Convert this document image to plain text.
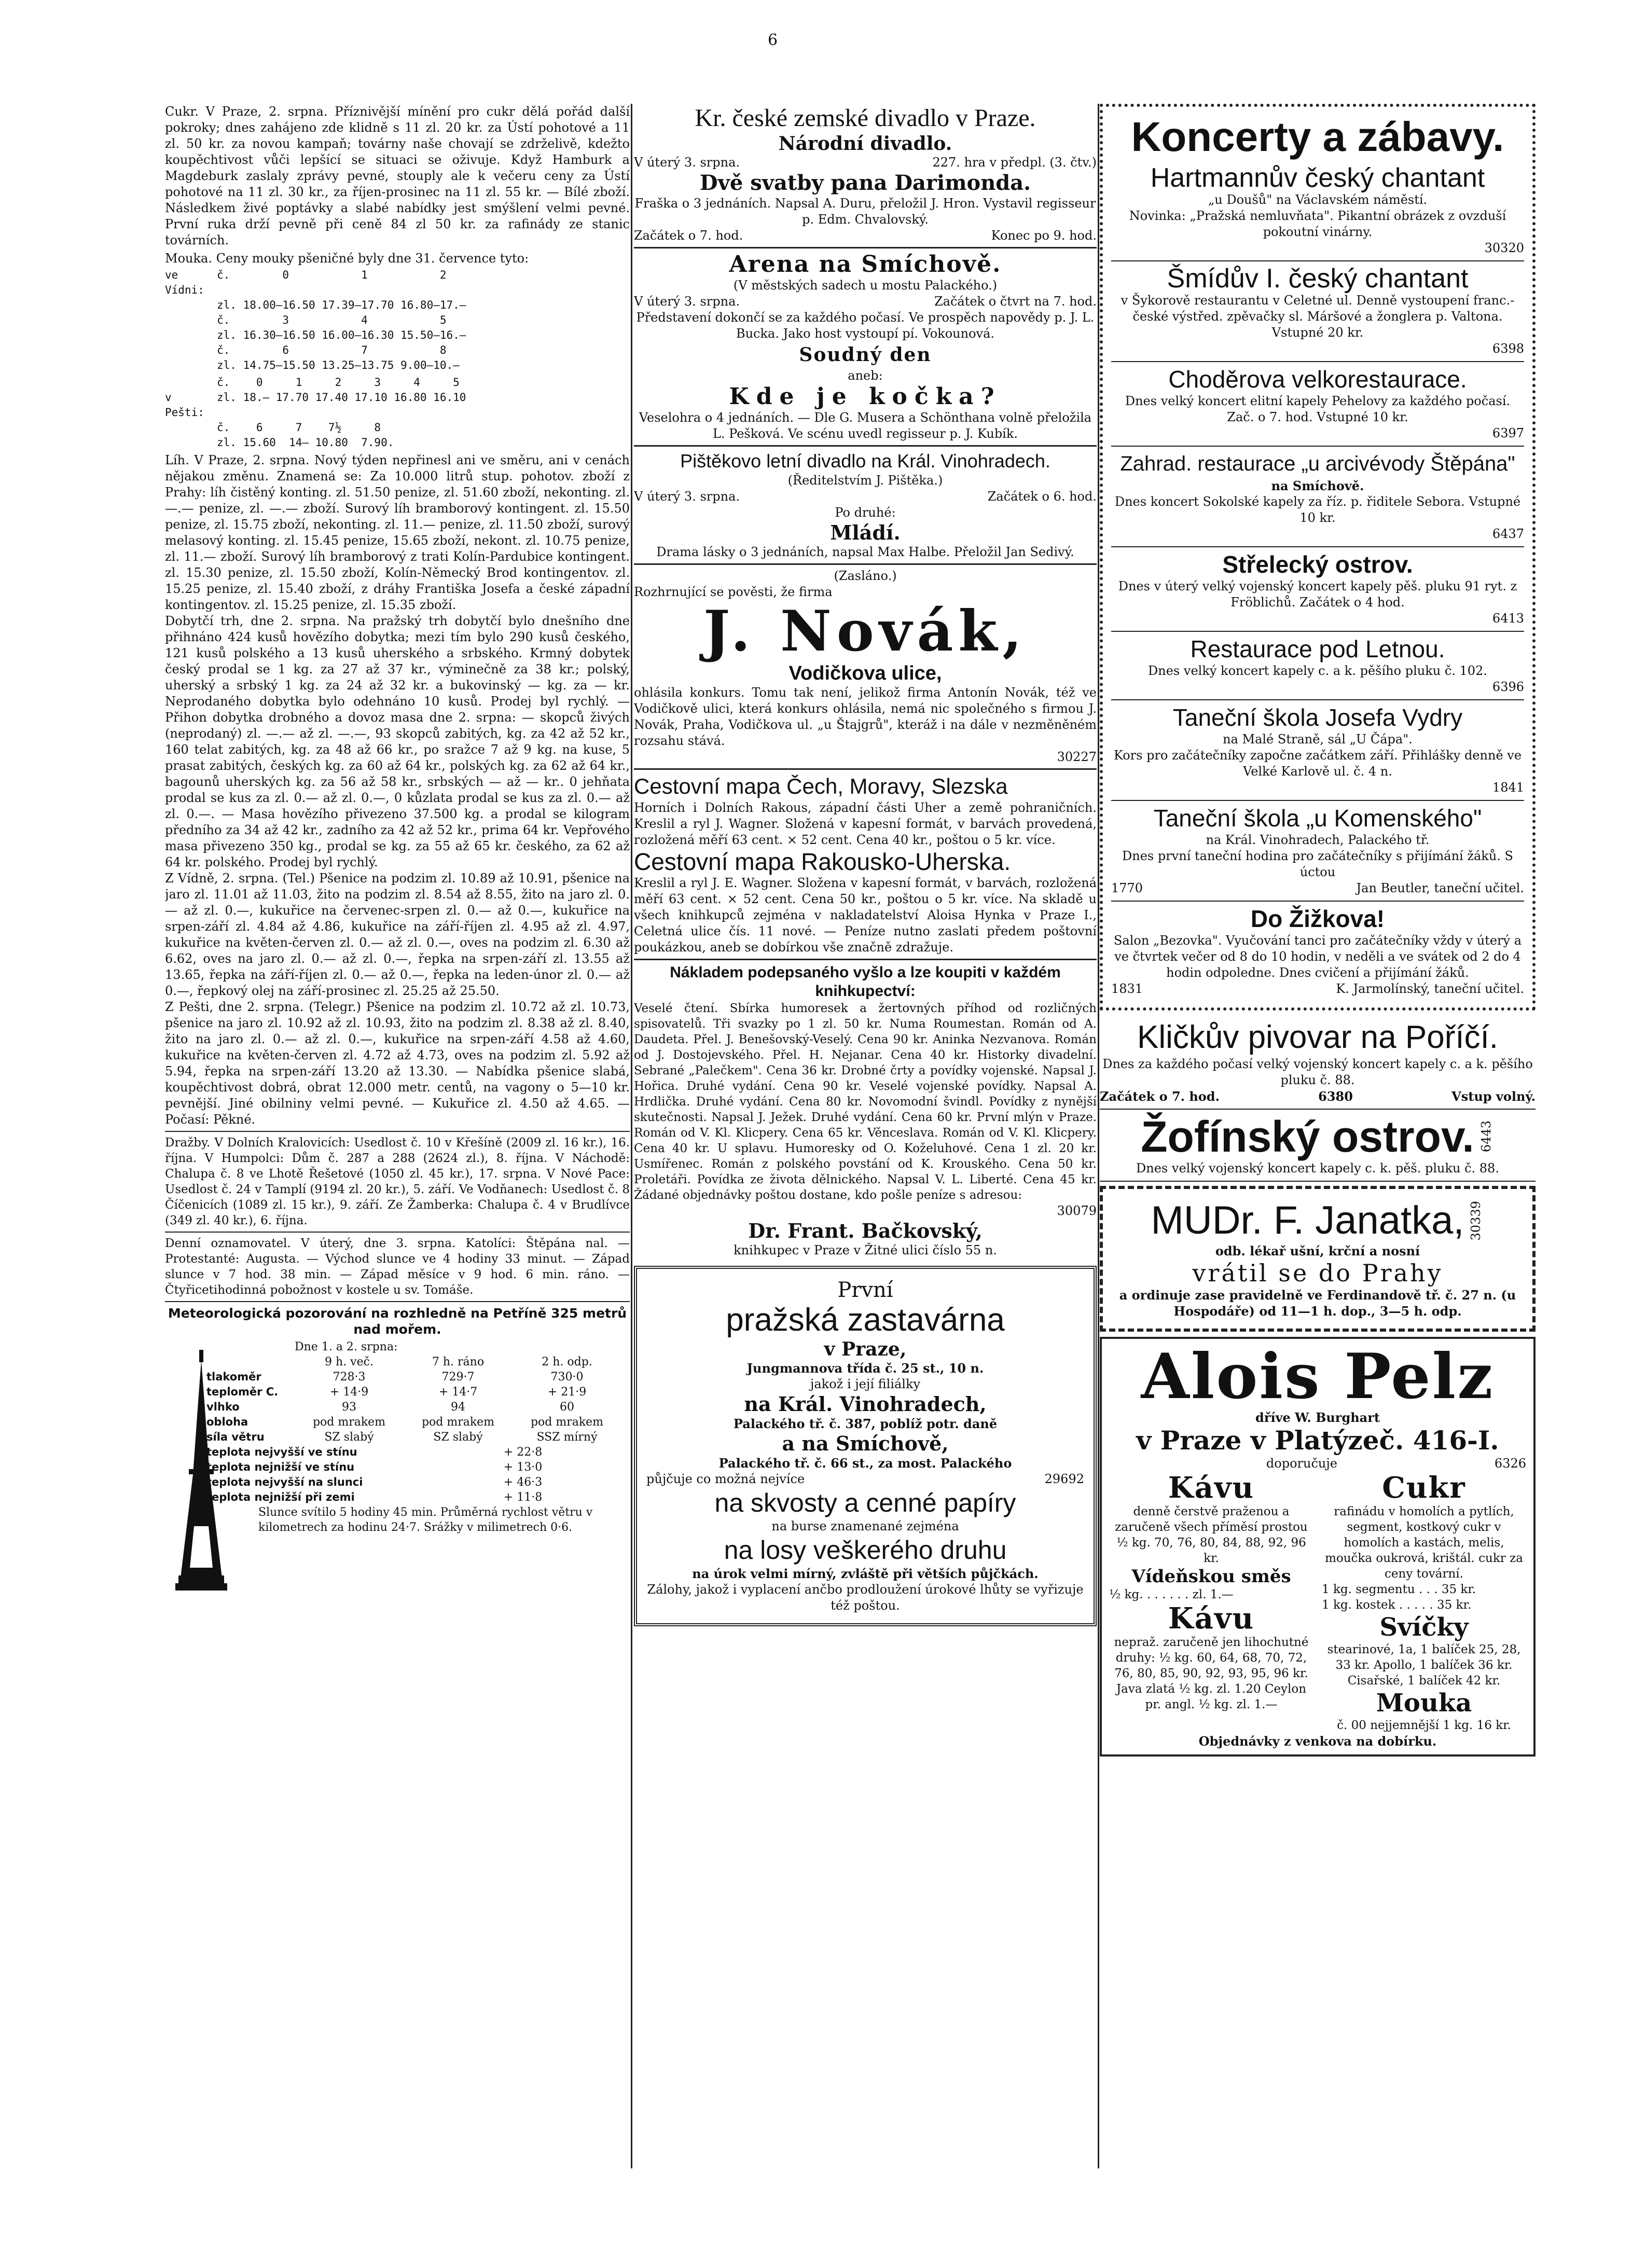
Cukr. V Praze, 2. srpna. Příznivější mínění pro cukr dělá pořád další pokroky; dnes zahájeno zde klidně s 11 zl. 20 kr. za Ústí pohotové a 11 zl. 50 kr. za novou kampaň; továrny naše chovají se zdrželivě, kdežto koupěchtivost vůči lepšící se situaci se oživuje. Když Hamburk a Magdeburk zaslaly zprávy pevné, stouply ale k večeru ceny za Ústí pohotové na 11 zl. 30 kr., za říjen-prosinec na 11 zl. 55 kr. — Bílé zboží. Následkem živé poptávky a slabé nabídky jest smýšlení velmi pevné. První ruka drží pevně při ceně 84 zl 50 kr. za rafinády ze stanic továrních.

Mouka. Ceny mouky pšeničné byly dne 31. července tyto:

ve Vídni:
č.        0           1           2
zl. 18.00—16.50 17.39—17.70 16.80—17.—
č.        3           4           5
zl. 16.30—16.50 16.00—16.30 15.50—16.—
č.        6           7           8
zl. 14.75—15.50 13.25—13.75 9.00—10.—
č.    0     1     2     3     4     5
v Pešti:
zl. 18.— 17.70 17.40 17.10 16.80 16.10
č.    6     7    7½     8
zl. 15.60  14— 10.80  7.90.

Líh. V Praze, 2. srpna. Nový týden nepřinesl ani ve směru, ani v cenách nějakou změnu. Znamená se: Za 10.000 litrů stup. pohotov. zboží z Prahy: líh čistěný konting. zl. 51.50 penize, zl. 51.60 zboží, nekonting. zl. —.— penize, zl. —.— zboží. Surový líh bramborový kontingent. zl. 15.50 penize, zl. 15.75 zboží, nekonting. zl. 11.— penize, zl. 11.50 zboží, surový melasový konting. zl. 15.45 penize, 15.65 zboží, nekont. zl. 10.75 penize, zl. 11.— zboží. Surový líh bramborový z trati Kolín-Pardubice kontingent. zl. 15.30 penize, zl. 15.50 zboží, Kolín-Německý Brod kontingentov. zl. 15.25 penize, zl. 15.40 zboží, z dráhy Františka Josefa a české západní kontingentov. zl. 15.25 penize, zl. 15.35 zboží.

Dobytčí trh, dne 2. srpna. Na pražský trh dobytčí bylo dnešního dne přihnáno 424 kusů hovězího dobytka; mezi tím bylo 290 kusů českého, 121 kusů polského a 13 kusů uherského a srbského. Krmný dobytek český prodal se 1 kg. za 27 až 37 kr., výminečně za 38 kr.; polský, uherský a srbský 1 kg. za 24 až 32 kr. a bukovinský — kg. za — kr. Neprodaného dobytka bylo odehnáno 10 kusů. Prodej byl rychlý. — Přihon dobytka drobného a dovoz masa dne 2. srpna: — skopců živých (neprodaný) zl. —.— až zl. —.—, 93 skopců zabitých, kg. za 42 až 52 kr., 160 telat zabitých, kg. za 48 až 66 kr., po sražce 7 až 9 kg. na kuse, 5 prasat zabitých, českých kg. za 60 až 64 kr., polských kg. za 62 až 64 kr., bagounů uherských kg. za 56 až 58 kr., srbských — až — kr.. 0 jehňata prodal se kus za zl. 0.— až zl. 0.—, 0 kůzlata prodal se kus za zl. 0.— až zl. 0.—. — Masa hovězího přivezeno 37.500 kg. a prodal se kilogram předního za 34 až 42 kr., zadního za 42 až 52 kr., prima 64 kr. Vepřového masa přivezeno 350 kg., prodal se kg. za 55 až 65 kr. českého, za 62 až 64 kr. polského. Prodej byl rychlý.

Z Vídně, 2. srpna. (Tel.) Pšenice na podzim zl. 10.89 až 10.91, pšenice na jaro zl. 11.01 až 11.03, žito na podzim zl. 8.54 až 8.55, žito na jaro zl. 0.— až zl. 0.—, kukuřice na červenec-srpen zl. 0.— až 0.—, kukuřice na srpen-září zl. 4.84 až 4.86, kukuřice na září-říjen zl. 4.95 až zl. 4.97, kukuřice na květen-červen zl. 0.— až zl. 0.—, oves na podzim zl. 6.30 až 6.62, oves na jaro zl. 0.— až zl. 0.—, řepka na srpen-září zl. 13.55 až 13.65, řepka na září-říjen zl. 0.— až 0.—, řepka na leden-únor zl. 0.— až 0.—, řepkový olej na září-prosinec zl. 25.25 až 25.50.

Z Pešti, dne 2. srpna. (Telegr.) Pšenice na podzim zl. 10.72 až zl. 10.73, pšenice na jaro zl. 10.92 až zl. 10.93, žito na podzim zl. 8.38 až zl. 8.40, žito na jaro zl. 0.— až zl. 0.—, kukuřice na srpen-září 4.58 až 4.60, kukuřice na květen-červen zl. 4.72 až 4.73, oves na podzim zl. 5.92 až 5.94, řepka na srpen-září 13.20 až 13.30. — Nabídka pšenice slabá, koupěchtivost dobrá, obrat 12.000 metr. centů, na vagony o 5—10 kr. pevnější. Jiné obilniny velmi pevné. — Kukuřice zl. 4.50 až 4.65. — Počasí: Pěkné.

Dražby. V Dolních Kralovicích: Usedlost č. 10 v Křešíně (2009 zl. 16 kr.), 16. října. V Humpolci: Dům č. 287 a 288 (2624 zl.), 8. října. V Náchodě: Chalupa č. 8 ve Lhotě Řešetové (1050 zl. 45 kr.), 17. srpna. V Nové Pace: Usedlost č. 24 v Tamplí (9194 zl. 20 kr.), 5. září. Ve Vodňanech: Usedlost č. 8 Číčenicích (1089 zl. 15 kr.), 9. září. Ze Žamberka: Chalupa č. 4 v Brudlívce (349 zl. 40 kr.), 6. října.

Denní oznamovatel. V úterý, dne 3. srpna. Katolíci: Štěpána nal. — Protestanté: Augusta. — Východ slunce ve 4 hodiny 33 minut. — Západ slunce v 7 hod. 38 min. — Západ měsíce v 9 hod. 6 min. ráno. — Čtyřicetihodinná pobožnost v kostele u sv. Tomáše.

Meteorologická pozorování na rozhledně na Petříně 325 metrů nad mořem.

Dne 1. a 2. srpna:
9 h. več.	7 h. ráno	2 h. odp.
tlakoměr	728·3	729·7	730·0
teploměr C.	+ 14·9	+ 14·7	+ 21·9
vlhko	93	94	60
obloha	pod mrakem	pod mrakem	pod mrakem
síla větru	SZ slabý	SZ slabý	SSZ mírný
teplota nejvyšší ve stínu	+ 22·8
teplota nejnižší ve stínu	+ 13·0
teplota nejvyšší na slunci	+ 46·3
teplota nejnižší při zemi	+ 11·8
Slunce svítilo 5 hodiny 45 min. Průměrná rychlost větru v kilometrech za hodinu 24·7. Srážky v milimetrech 0·6.

Kr. české zemské divadlo v Praze.

Národní divadlo.

V úterý 3. srpna.	227. hra v předpl. (3. čtv.)

Dvě svatby pana Darimonda.

Fraška o 3 jednáních. Napsal A. Duru, přeložil J. Hron. Vystavil regisseur p. Edm. Chvalovský.

Začátek o 7. hod.	Konec po 9. hod.

Arena na Smíchově.

(V městských sadech u mostu Palackého.)

V úterý 3. srpna.	Začátek o čtvrt na 7. hod.

Představení dokončí se za každého počasí. Ve prospěch napovědy p. J. L. Bucka. Jako host vystoupí pí. Vokounová.

Soudný den

aneb:

Kde je kočka?

Veselohra o 4 jednáních. — Dle G. Musera a Schönthana volně přeložila L. Pešková. Ve scénu uvedl regisseur p. J. Kubík.

Pištěkovo letní divadlo na Král. Vinohradech.

(Ředitelstvím J. Pištěka.)

V úterý 3. srpna.	Začátek o 6. hod.

Po druhé:

Mládí.

Drama lásky o 3 jednáních, napsal Max Halbe. Přeložil Jan Sedivý.

(Zasláno.)

Rozhrnující se pověsti, že firma

J. Novák,

Vodičkova ulice,

ohlásila konkurs. Tomu tak není, jelikož firma Antonín Novák, též ve Vodičkově ulici, která konkurs ohlásila, nemá nic společného s firmou J. Novák, Praha, Vodičkova ul. „u Štajgrů", kteráž i na dále v nezměněném rozsahu stává.

30227

Cestovní mapa Čech, Moravy, Slezska

Horních i Dolních Rakous, západní části Uher a země pohraničních. Kreslil a ryl J. Wagner. Složená v kapesní formát, v barvách provedená, rozložená měří 63 cent. × 52 cent. Cena 40 kr., poštou o 5 kr. více.

Cestovní mapa Rakousko-Uherska.

Kreslil a ryl J. E. Wagner. Složena v kapesní formát, v barvách, rozložená měří 63 cent. × 52 cent. Cena 50 kr., poštou o 5 kr. více. Na skladě u všech knihkupců zejména v nakladatelství Aloisa Hynka v Praze I., Celetná ulice čís. 11 nové. — Peníze nutno zaslati předem poštovní poukázkou, aneb se dobírkou vše značně zdražuje.

Nákladem podepsaného vyšlo a lze koupiti v každém knihkupectví:

Veselé čtení. Sbírka humoresek a žertovných příhod od rozličných spisovatelů. Tři svazky po 1 zl. 50 kr. Numa Roumestan. Román od A. Daudeta. Přel. J. Benešovský-Veselý. Cena 90 kr. Aninka Nezvanova. Román od J. Dostojevského. Přel. H. Nejanar. Cena 40 kr. Historky divadelní. Sebrané „Palečkem". Cena 36 kr. Drobné črty a povídky vojenské. Napsal J. Hořica. Druhé vydání. Cena 90 kr. Veselé vojenské povídky. Napsal A. Hrdlička. Druhé vydání. Cena 80 kr. Novomodní švindl. Povídky z nynější skutečnosti. Napsal J. Ježek. Druhé vydání. Cena 60 kr. První mlýn v Praze. Román od V. Kl. Klicpery. Cena 65 kr. Věnceslava. Román od V. Kl. Klicpery. Cena 40 kr. U splavu. Humoresky od O. Koželuhové. Cena 1 zl. 20 kr. Usmířenec. Román z polského povstání od K. Krouského. Cena 50 kr. Proletáři. Povídka ze života dělnického. Napsal V. L. Liberté. Cena 45 kr. Žádané objednávky poštou dostane, kdo pošle peníze s adresou:

30079

Dr. Frant. Bačkovský,

knihkupec v Praze v Žitné ulici číslo 55 n.

První

pražská zastavárna

v Praze,

Jungmannova třída č. 25 st., 10 n.

jakož i její filiálky

na Král. Vinohradech,

Palackého tř. č. 387, poblíž potr. daně

a na Smíchově,

Palackého tř. č. 66 st., za most. Palackého

půjčuje co možná nejvíce	29692

na skvosty a cenné papíry

na burse znamenané zejména

na losy veškerého druhu

na úrok velmi mírný, zvláště při větších půjčkách.

Zálohy, jakož i vyplacení ančbo prodloužení úrokové lhůty se vyřizuje též poštou.

Koncerty a zábavy.

Hartmannův český chantant

„u Doušů" na Václavském náměstí.

Novinka: „Pražská nemluvňata". Pikantní obrázek z ovzduší pokoutní vinárny.

30320

Šmídův I. český chantant

v Šykorově restaurantu v Celetné ul. Denně vystoupení franc.-české výstřed. zpěvačky sl. Máršové a žonglera p. Valtona. Vstupné 20 kr.

6398

Choděrova velkorestaurace.

Dnes velký koncert elitní kapely Pehelovy za každého počasí. Zač. o 7. hod. Vstupné 10 kr.

6397

Zahrad. restaurace „u arcivévody Štěpána"

na Smíchově.

Dnes koncert Sokolské kapely za říz. p. řiditele Sebora. Vstupné 10 kr.

6437

Střelecký ostrov.

Dnes v úterý velký vojenský koncert kapely pěš. pluku 91 ryt. z Fröblichů. Začátek o 4 hod.

6413

Restaurace pod Letnou.

Dnes velký koncert kapely c. a k. pěšího pluku č. 102.

6396

Taneční škola Josefa Vydry

na Malé Straně, sál „U Čápa".

Kors pro začátečníky započne začátkem září. Přihlášky denně ve Velké Karlově ul. č. 4 n.

1841

Taneční škola „u Komenského"

na Král. Vinohradech, Palackého tř.

Dnes první taneční hodina pro začátečníky s přijímání žáků. S úctou

1770	Jan Beutler, taneční učitel.

Do Žižkova!

Salon „Bezovka". Vyučování tanci pro začátečníky vždy v úterý a ve čtvrtek večer od 8 do 10 hodin, v neděli a ve svátek od 2 do 4 hodin odpoledne. Dnes cvičení a přijímání žáků.

1831	K. Jarmolínský, taneční učitel.

Kličkův pivovar na Poříčí.

Dnes za každého počasí velký vojenský koncert kapely c. a k. pěšího pluku č. 88.

Začátek o 7. hod.	6380	Vstup volný.

Žofínský ostrov. 6443

Dnes velký vojenský koncert kapely c. k. pěš. pluku č. 88.

MUDr. F. Janatka, 30339

odb. lékař ušní, krční a nosní

vrátil se do Prahy

a ordinuje zase pravidelně ve Ferdinandově tř. č. 27 n. (u Hospodáře) od 11—1 h. dop., 3—5 h. odp.

Alois Pelz

dříve W. Burghart

v Praze v Platýzeč. 416-I.

doporučuje	6326

Kávu

denně čerstvě praženou a zaručeně všech příměsí prostou ½ kg. 70, 76, 80, 84, 88, 92, 96 kr.

Vídeňskou směs

½ kg. . . . . . . zl. 1.—

Kávu

nepraž. zaručeně jen lihochutné druhy: ½ kg. 60, 64, 68, 70, 72, 76, 80, 85, 90, 92, 93, 95, 96 kr. Java zlatá ½ kg. zl. 1.20 Ceylon pr. angl. ½ kg. zl. 1.—

Cukr

rafinádu v homolích a pytlích, segment, kostkový cukr v homolích a kastách, melis, moučka oukrová, krištál. cukr za ceny tovární.

1 kg. segmentu . . . 35 kr.

1 kg. kostek . . . . . 35 kr.

Svíčky

stearinové, 1a, 1 balíček 25, 28, 33 kr. Apollo, 1 balíček 36 kr. Cisařské, 1 balíček 42 kr.

Mouka

č. 00 nejjemnější 1 kg. 16 kr.

Objednávky z venkova na dobírku.

6
